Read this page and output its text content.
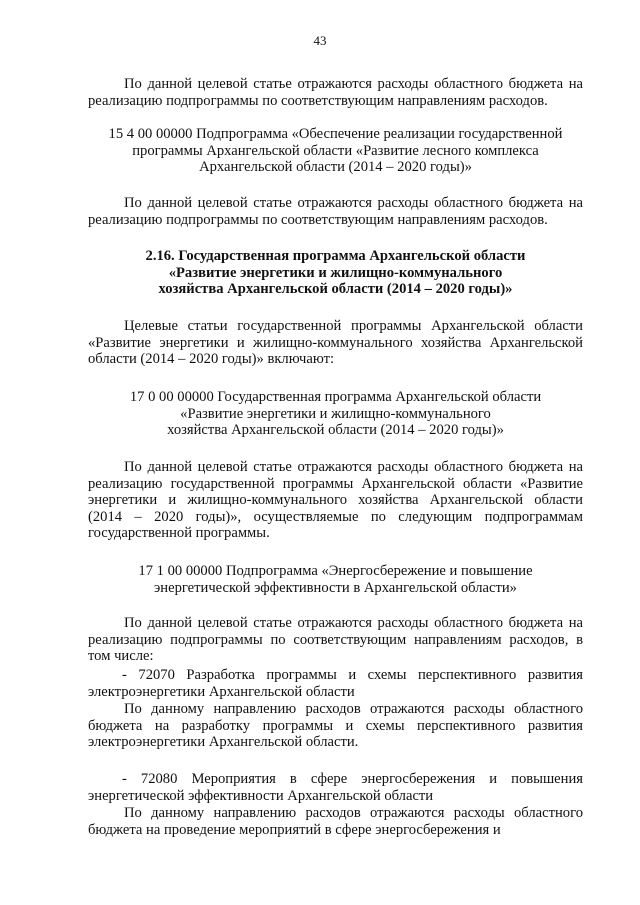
43

По данной целевой статье отражаются расходы областного бюджета на реализацию подпрограммы по соответствующим направлениям расходов.

15 4 00 00000 Подпрограмма «Обеспечение реализации государственной
программы Архангельской области «Развитие лесного комплекса
Архангельской области (2014 – 2020 годы)»

По данной целевой статье отражаются расходы областного бюджета на реализацию подпрограммы по соответствующим направлениям расходов.

2.16. Государственная программа Архангельской области
«Развитие энергетики и жилищно-коммунального
хозяйства Архангельской области (2014 – 2020 годы)»

Целевые статьи государственной программы Архангельской области «Развитие энергетики и жилищно-коммунального хозяйства Архангельской области (2014 – 2020 годы)» включают:

17 0 00 00000 Государственная программа Архангельской области
«Развитие энергетики и жилищно-коммунального
хозяйства Архангельской области (2014 – 2020 годы)»

По данной целевой статье отражаются расходы областного бюджета на реализацию государственной программы Архангельской области «Развитие энергетики и жилищно-коммунального хозяйства Архангельской области (2014 – 2020 годы)», осуществляемые по следующим подпрограммам государственной программы.

17 1 00 00000 Подпрограмма «Энергосбережение и повышение
энергетической эффективности в Архангельской области»

По данной целевой статье отражаются расходы областного бюджета на реализацию подпрограммы по соответствующим направлениям расходов, в том числе:

- 72070 Разработка программы и схемы перспективного развития электроэнергетики Архангельской области

По данному направлению расходов отражаются расходы областного бюджета на разработку программы и схемы перспективного развития электроэнергетики Архангельской области.

- 72080 Мероприятия в сфере энергосбережения и повышения энергетической эффективности Архангельской области

По данному направлению расходов отражаются расходы областного бюджета на проведение мероприятий в сфере энергосбережения и
